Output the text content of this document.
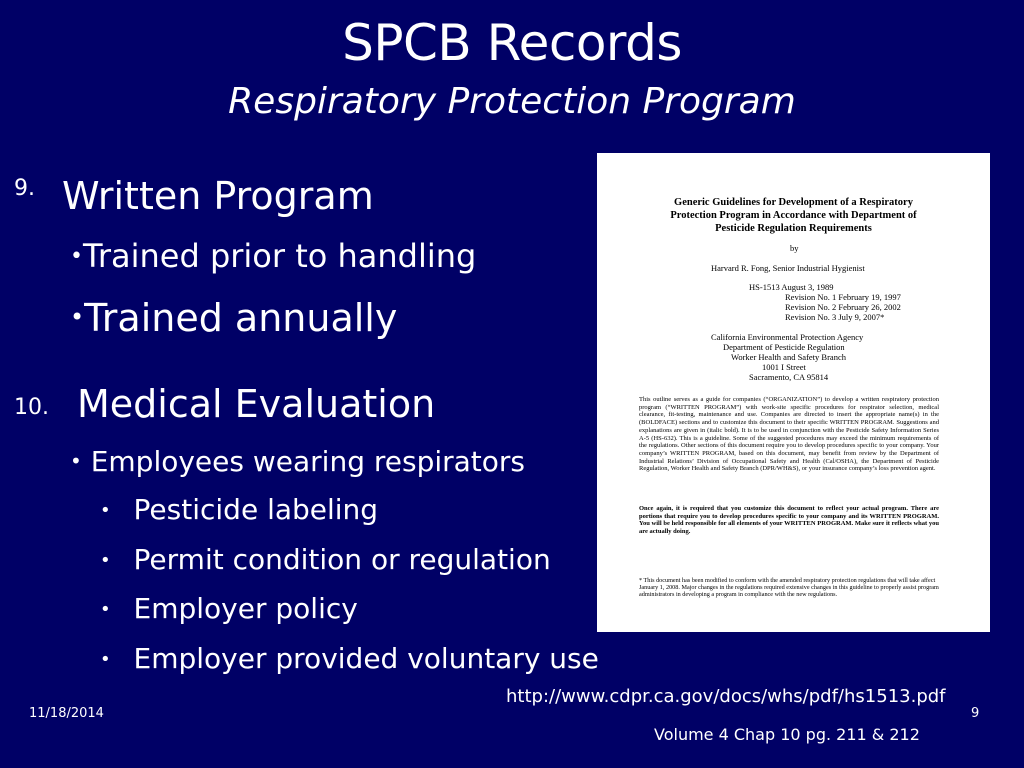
SPCB Records
Respiratory Protection Program
9. Written Program
•Trained prior to handling
•Trained annually
10. Medical Evaluation
• Employees wearing respirators
• Pesticide labeling
• Permit condition or regulation
• Employer policy
• Employer provided voluntary use
Generic Guidelines for Development of a Respiratory
Protection Program in Accordance with Department of
Pesticide Regulation Requirements
by
Harvard R. Fong, Senior Industrial Hygienist
HS-1513 August 3, 1989
Revision No. 1 February 19, 1997
Revision No. 2 February 26, 2002
Revision No. 3 July 9, 2007*
California Environmental Protection Agency
Department of Pesticide Regulation
Worker Health and Safety Branch
1001 I Street
Sacramento, CA 95814
This outline serves as a guide for companies (“ORGANIZATION”) to develop a written respiratory protection program (“WRITTEN PROGRAM”) with work-site specific procedures for respirator selection, medical clearance, fit-testing, maintenance and use. Companies are directed to insert the appropriate name(s) in the (BOLDFACE) sections and to customize this document to their specific WRITTEN PROGRAM. Suggestions and explanations are given in (italic bold). It is to be used in conjunction with the Pesticide Safety Information Series A-5 (HS-632). This is a guideline. Some of the suggested procedures may exceed the minimum requirements of the regulations. Other sections of this document require you to develop procedures specific to your company. Your company’s WRITTEN PROGRAM, based on this document, may benefit from review by the Department of Industrial Relations’ Division of Occupational Safety and Health (Cal/OSHA), the Department of Pesticide Regulation, Worker Health and Safety Branch (DPR/WH&S), or your insurance company’s loss prevention agent.
Once again, it is required that you customize this document to reflect your actual program. There are portions that require you to develop procedures specific to your company and its WRITTEN PROGRAM. You will be held responsible for all elements of your WRITTEN PROGRAM. Make sure it reflects what you are actually doing.
* This document has been modified to conform with the amended respiratory protection regulations that will take affect January 1, 2008. Major changes in the regulations required extensive changes in this guideline to properly assist program administrators in developing a program in compliance with the new regulations.
http://www.cdpr.ca.gov/docs/whs/pdf/hs1513.pdf
11/18/2014	9
Volume 4 Chap 10 pg. 211 & 212
